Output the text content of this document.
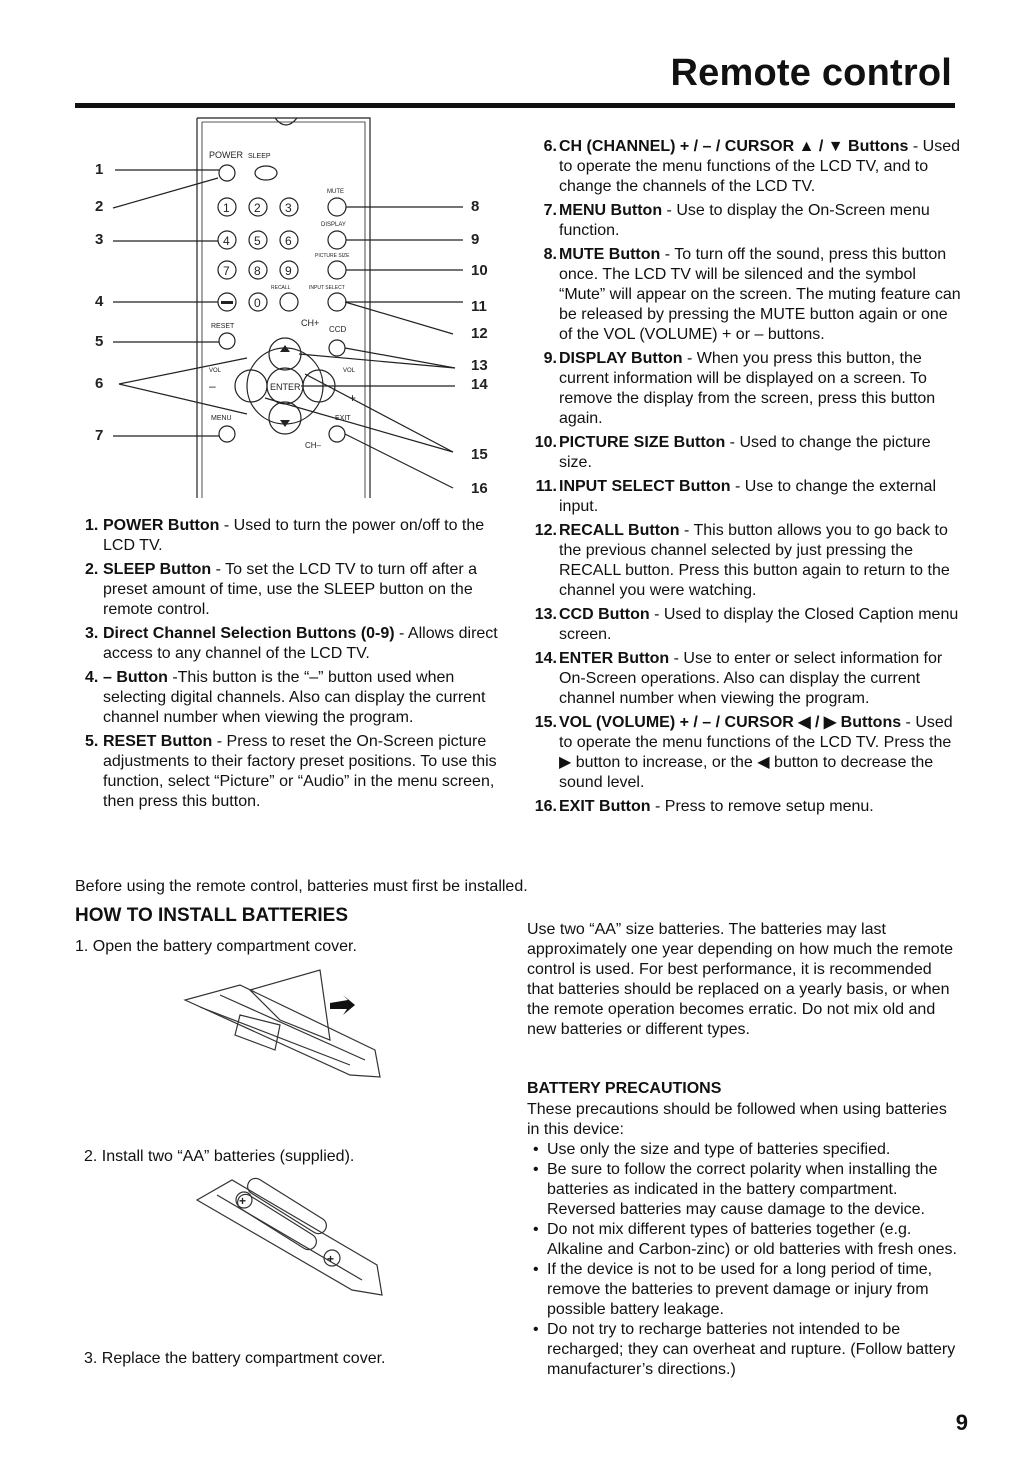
Remote control
1
2
3
4
5
6
7
8
9
10
11
12
13
14
15
16
POWER SLEEP
MUTE
DISPLAY
PICTURE SIZE
RECALL	INPUT SELECT
RESET	CH+
CCD
VOL	VOL
–
+
ENTER
MENU	EXIT
CH–
1 2 3
4 5 6
7 8 9
0
1. POWER Button - Used to turn the power on/off to the LCD TV.
2. SLEEP Button - To set the LCD TV to turn off after a preset amount of time, use the SLEEP button on the remote control.
3. Direct Channel Selection Buttons (0-9) - Allows direct access to any channel of the LCD TV.
4. – Button -This button is the “–” button used when selecting digital channels. Also can display the current channel number when viewing the program.
5. RESET Button - Press to reset the On-Screen picture adjustments to their factory preset positions. To use this function, select “Picture” or “Audio” in the menu screen, then press this button.
6. CH (CHANNEL) + / – / CURSOR ▲ / ▼ Buttons - Used to operate the menu functions of the LCD TV, and to change the channels of the LCD TV.
7. MENU Button - Use to display the On-Screen menu function.
8. MUTE Button - To turn off the sound, press this button once. The LCD TV will be silenced and the symbol “Mute” will appear on the screen. The muting feature can be released by pressing the MUTE button again or one of the VOL (VOLUME) + or – buttons.
9. DISPLAY Button - When you press this button, the current information will be displayed on a screen. To remove the display from the screen, press this button again.
10. PICTURE SIZE Button - Used to change the picture size.
11. INPUT SELECT Button - Use to change the external input.
12. RECALL Button - This button allows you to go back to the previous channel selected by just pressing the RECALL button. Press this button again to return to the channel you were watching.
13. CCD Button - Used to display the Closed Caption menu screen.
14. ENTER Button - Use to enter or select information for On-Screen operations. Also can display the current channel number when viewing the program.
15. VOL (VOLUME) + / – / CURSOR ◀ / ▶ Buttons - Used to operate the menu functions of the LCD TV. Press the ▶ button to increase, or the ◀ button to decrease the sound level.
16. EXIT Button - Press to remove setup menu.
Before using the remote control, batteries must first be installed.
HOW TO INSTALL BATTERIES
1. Open the battery compartment cover.
2. Install two “AA” batteries (supplied).
+
+
3. Replace the battery compartment cover.
Use two “AA” size batteries. The batteries may last approximately one year depending on how much the remote control is used. For best performance, it is recommended that batteries should be replaced on a yearly basis, or when the remote operation becomes erratic. Do not mix old and new batteries or different types.
BATTERY PRECAUTIONS
These precautions should be followed when using batteries in this device:
• Use only the size and type of batteries specified.
• Be sure to follow the correct polarity when installing the batteries as indicated in the battery compartment. Reversed batteries may cause damage to the device.
• Do not mix different types of batteries together (e.g. Alkaline and Carbon-zinc) or old batteries with fresh ones.
• If the device is not to be used for a long period of time, remove the batteries to prevent damage or injury from possible battery leakage.
• Do not try to recharge batteries not intended to be recharged; they can overheat and rupture. (Follow battery manufacturer’s directions.)
9
